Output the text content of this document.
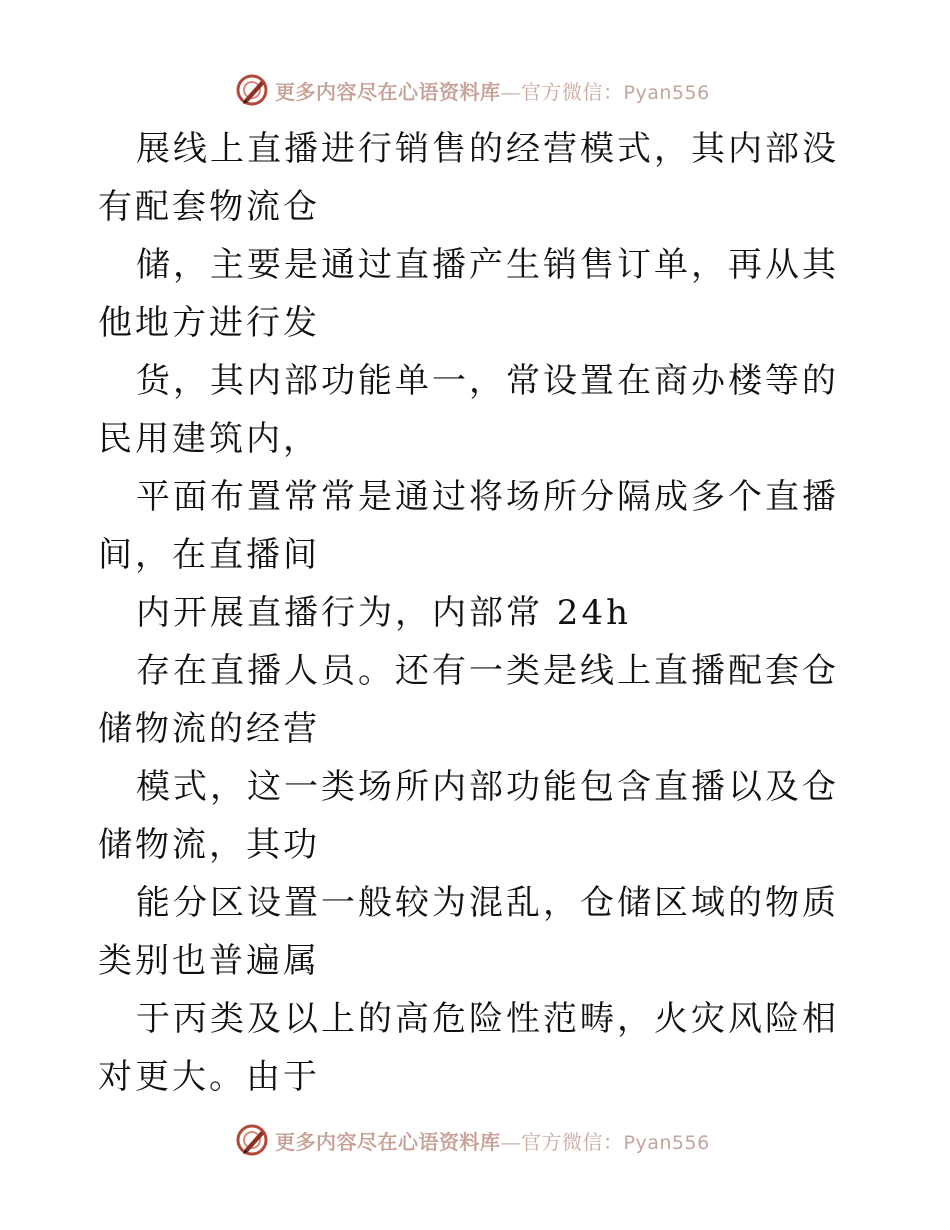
更多内容尽在心语资料库—官方微信：Pyan556

展线上直播进行销售的经营模式，其内部没有配套物流仓

储，主要是通过直播产生销售订单，再从其他地方进行发

货，其内部功能单一，常设置在商办楼等的民用建筑内，

平面布置常常是通过将场所分隔成多个直播间，在直播间

内开展直播行为，内部常 24h

存在直播人员。还有一类是线上直播配套仓储物流的经营

模式，这一类场所内部功能包含直播以及仓储物流，其功

能分区设置一般较为混乱，仓储区域的物质类别也普遍属

于丙类及以上的高危险性范畴，火灾风险相对更大。由于

更多内容尽在心语资料库—官方微信：Pyan556
